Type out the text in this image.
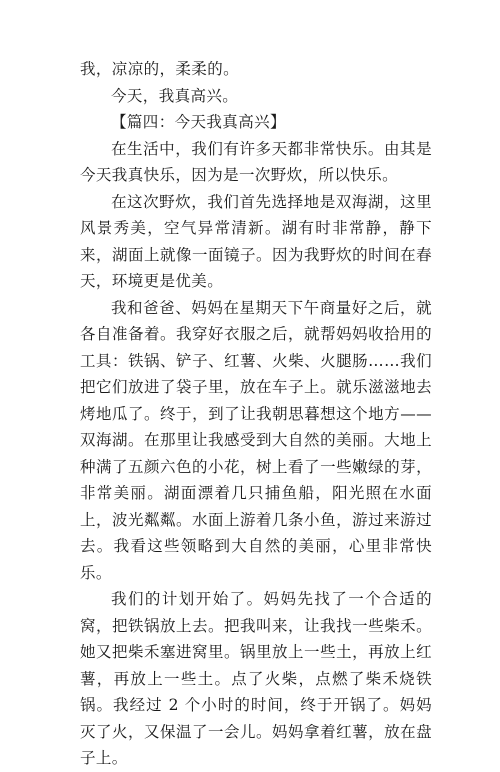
我，凉凉的，柔柔的。

今天，我真高兴。

【篇四：今天我真高兴】

在生活中，我们有许多天都非常快乐。由其是今天我真快乐，因为是一次野炊，所以快乐。

在这次野炊，我们首先选择地是双海湖，这里风景秀美，空气异常清新。湖有时非常静，静下来，湖面上就像一面镜子。因为我野炊的时间在春天，环境更是优美。

我和爸爸、妈妈在星期天下午商量好之后，就各自准备着。我穿好衣服之后，就帮妈妈收拾用的工具：铁锅、铲子、红薯、火柴、火腿肠……我们把它们放进了袋子里，放在车子上。就乐滋滋地去烤地瓜了。终于，到了让我朝思暮想这个地方——双海湖。在那里让我感受到大自然的美丽。大地上种满了五颜六色的小花，树上看了一些嫩绿的芽，非常美丽。湖面漂着几只捕鱼船，阳光照在水面上，波光粼粼。水面上游着几条小鱼，游过来游过去。我看这些领略到大自然的美丽，心里非常快乐。

我们的计划开始了。妈妈先找了一个合适的窝，把铁锅放上去。把我叫来，让我找一些柴禾。她又把柴禾塞进窝里。锅里放上一些土，再放上红薯，再放上一些土。点了火柴，点燃了柴禾烧铁锅。我经过 2 个小时的时间，终于开锅了。妈妈灭了火，又保温了一会儿。妈妈拿着红薯，放在盘子上。
